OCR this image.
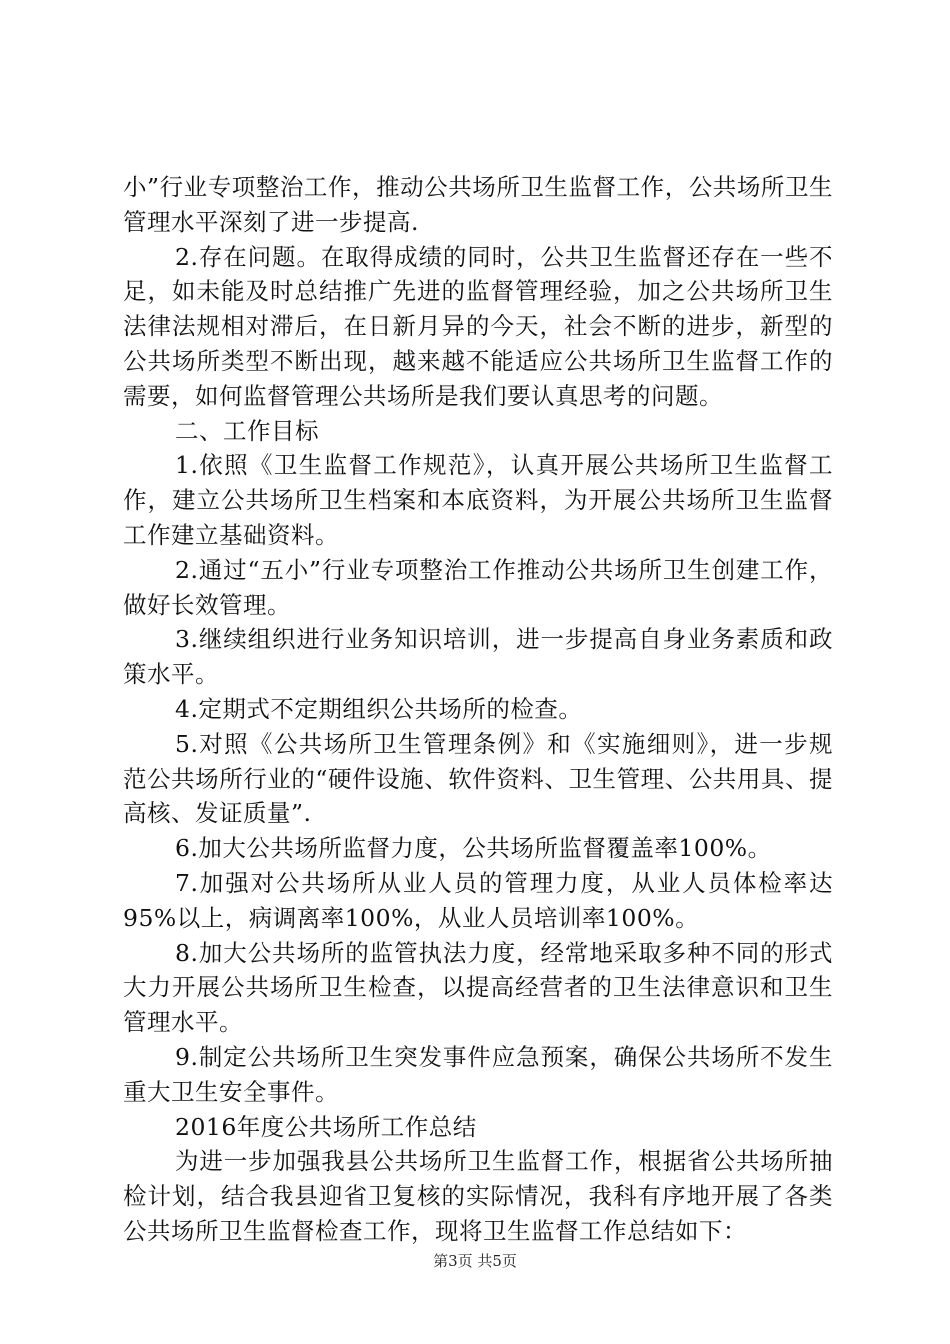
小”行业专项整治工作，推动公共场所卫生监督工作，公共场所卫生管理水平深刻了进一步提高.

2.存在问题。在取得成绩的同时，公共卫生监督还存在一些不足，如未能及时总结推广先进的监督管理经验，加之公共场所卫生法律法规相对滞后，在日新月异的今天，社会不断的进步，新型的公共场所类型不断出现，越来越不能适应公共场所卫生监督工作的需要，如何监督管理公共场所是我们要认真思考的问题。

二、工作目标

1.依照《卫生监督工作规范》，认真开展公共场所卫生监督工作，建立公共场所卫生档案和本底资料，为开展公共场所卫生监督工作建立基础资料。

2.通过“五小”行业专项整治工作推动公共场所卫生创建工作，做好长效管理。

3.继续组织进行业务知识培训，进一步提高自身业务素质和政策水平。

4.定期式不定期组织公共场所的检查。

5.对照《公共场所卫生管理条例》和《实施细则》，进一步规范公共场所行业的“硬件设施、软件资料、卫生管理、公共用具、提高核、发证质量”.

6.加大公共场所监督力度，公共场所监督覆盖率100%。

7.加强对公共场所从业人员的管理力度，从业人员体检率达95%以上，病调离率100%，从业人员培训率100%。

8.加大公共场所的监管执法力度，经常地采取多种不同的形式大力开展公共场所卫生检查，以提高经营者的卫生法律意识和卫生管理水平。

9.制定公共场所卫生突发事件应急预案，确保公共场所不发生重大卫生安全事件。

2016年度公共场所工作总结

为进一步加强我县公共场所卫生监督工作，根据省公共场所抽检计划，结合我县迎省卫复核的实际情况，我科有序地开展了各类公共场所卫生监督检查工作，现将卫生监督工作总结如下：

第3页 共5页
